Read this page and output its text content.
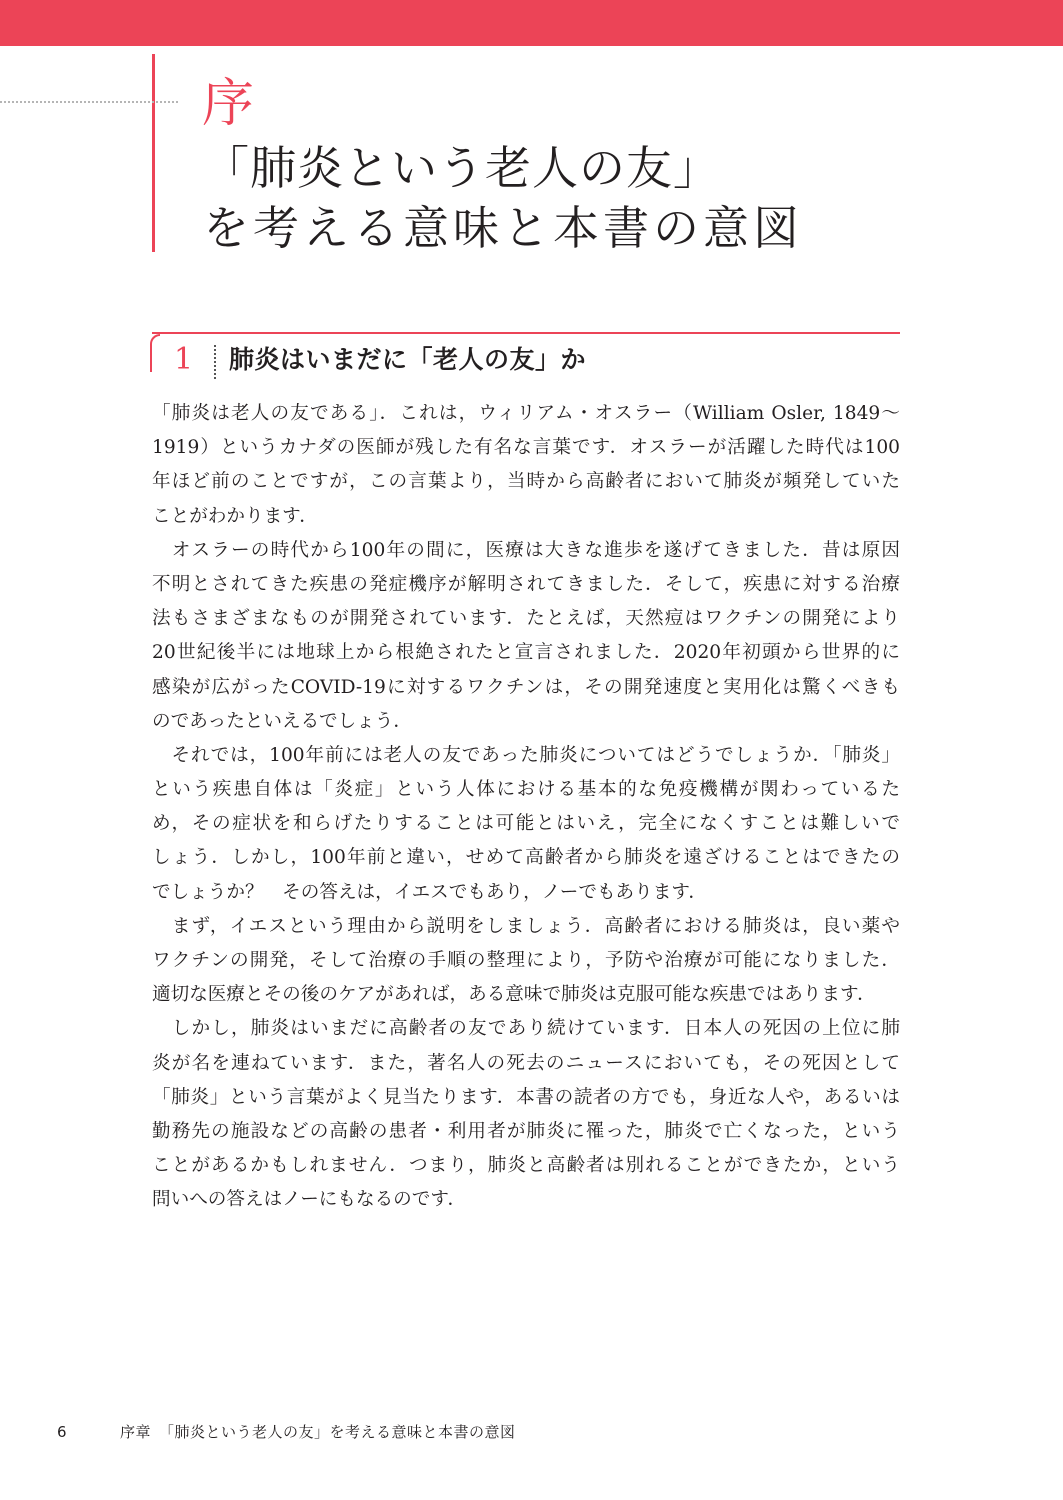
序
「肺炎という老人の友」
を考える意味と本書の意図
1 肺炎はいまだに「老人の友」か
「肺炎は老人の友である」．これは，ウィリアム・オスラー（William Osler, 1849～
1919）というカナダの医師が残した有名な言葉です．オスラーが活躍した時代は100
年ほど前のことですが，この言葉より，当時から高齢者において肺炎が頻発していた
ことがわかります．
　オスラーの時代から100年の間に，医療は大きな進歩を遂げてきました．昔は原因
不明とされてきた疾患の発症機序が解明されてきました．そして，疾患に対する治療
法もさまざまなものが開発されています．たとえば，天然痘はワクチンの開発により
20世紀後半には地球上から根絶されたと宣言されました．2020年初頭から世界的に
感染が広がったCOVID-19に対するワクチンは，その開発速度と実用化は驚くべきも
のであったといえるでしょう．
　それでは，100年前には老人の友であった肺炎についてはどうでしょうか．「肺炎」
という疾患自体は「炎症」という人体における基本的な免疫機構が関わっているた
め，その症状を和らげたりすることは可能とはいえ，完全になくすことは難しいで
しょう．しかし，100年前と違い，せめて高齢者から肺炎を遠ざけることはできたの
でしょうか？　その答えは，イエスでもあり，ノーでもあります．
　まず，イエスという理由から説明をしましょう．高齢者における肺炎は，良い薬や
ワクチンの開発，そして治療の手順の整理により，予防や治療が可能になりました．
適切な医療とその後のケアがあれば，ある意味で肺炎は克服可能な疾患ではあります．
　しかし，肺炎はいまだに高齢者の友であり続けています．日本人の死因の上位に肺
炎が名を連ねています．また，著名人の死去のニュースにおいても，その死因として
「肺炎」という言葉がよく見当たります．本書の読者の方でも，身近な人や，あるいは
勤務先の施設などの高齢の患者・利用者が肺炎に罹った，肺炎で亡くなった，という
ことがあるかもしれません．つまり，肺炎と高齢者は別れることができたか，という
問いへの答えはノーにもなるのです．
6	序章　「肺炎という老人の友」を考える意味と本書の意図
